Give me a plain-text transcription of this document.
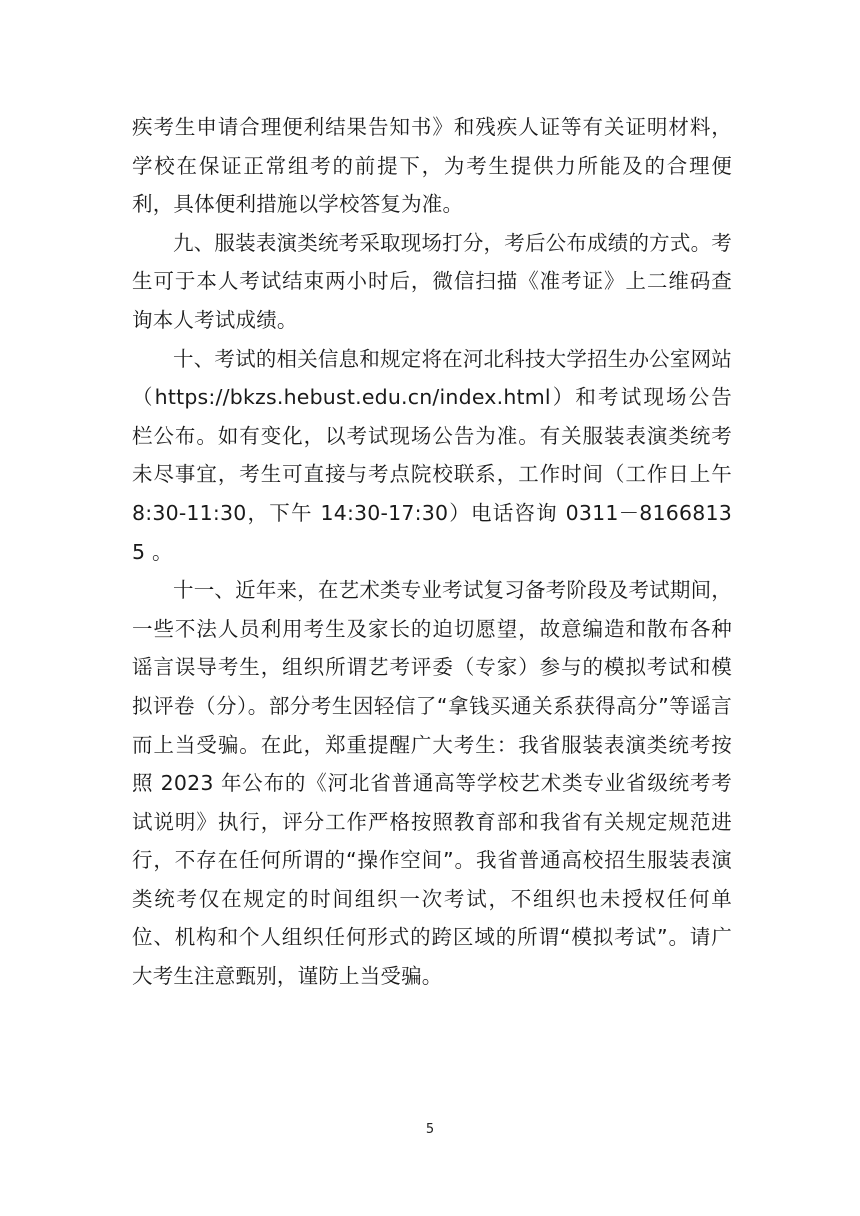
疾考生申请合理便利结果告知书》和残疾人证等有关证明材料，学校在保证正常组考的前提下，为考生提供力所能及的合理便利，具体便利措施以学校答复为准。

九、服装表演类统考采取现场打分，考后公布成绩的方式。考生可于本人考试结束两小时后，微信扫描《准考证》上二维码查询本人考试成绩。

十、考试的相关信息和规定将在河北科技大学招生办公室网站（https://bkzs.hebust.edu.cn/index.html）和考试现场公告栏公布。如有变化，以考试现场公告为准。有关服装表演类统考未尽事宜，考生可直接与考点院校联系，工作时间（工作日上午 8:30-11:30，下午 14:30-17:30）电话咨询 0311－81668135 。

十一、近年来，在艺术类专业考试复习备考阶段及考试期间，一些不法人员利用考生及家长的迫切愿望，故意编造和散布各种谣言误导考生，组织所谓艺考评委（专家）参与的模拟考试和模拟评卷（分）。部分考生因轻信了“拿钱买通关系获得高分”等谣言而上当受骗。在此，郑重提醒广大考生：我省服装表演类统考按照 2023 年公布的《河北省普通高等学校艺术类专业省级统考考试说明》执行，评分工作严格按照教育部和我省有关规定规范进行，不存在任何所谓的“操作空间”。我省普通高校招生服装表演类统考仅在规定的时间组织一次考试，不组织也未授权任何单位、机构和个人组织任何形式的跨区域的所谓“模拟考试”。请广大考生注意甄别，谨防上当受骗。

5
